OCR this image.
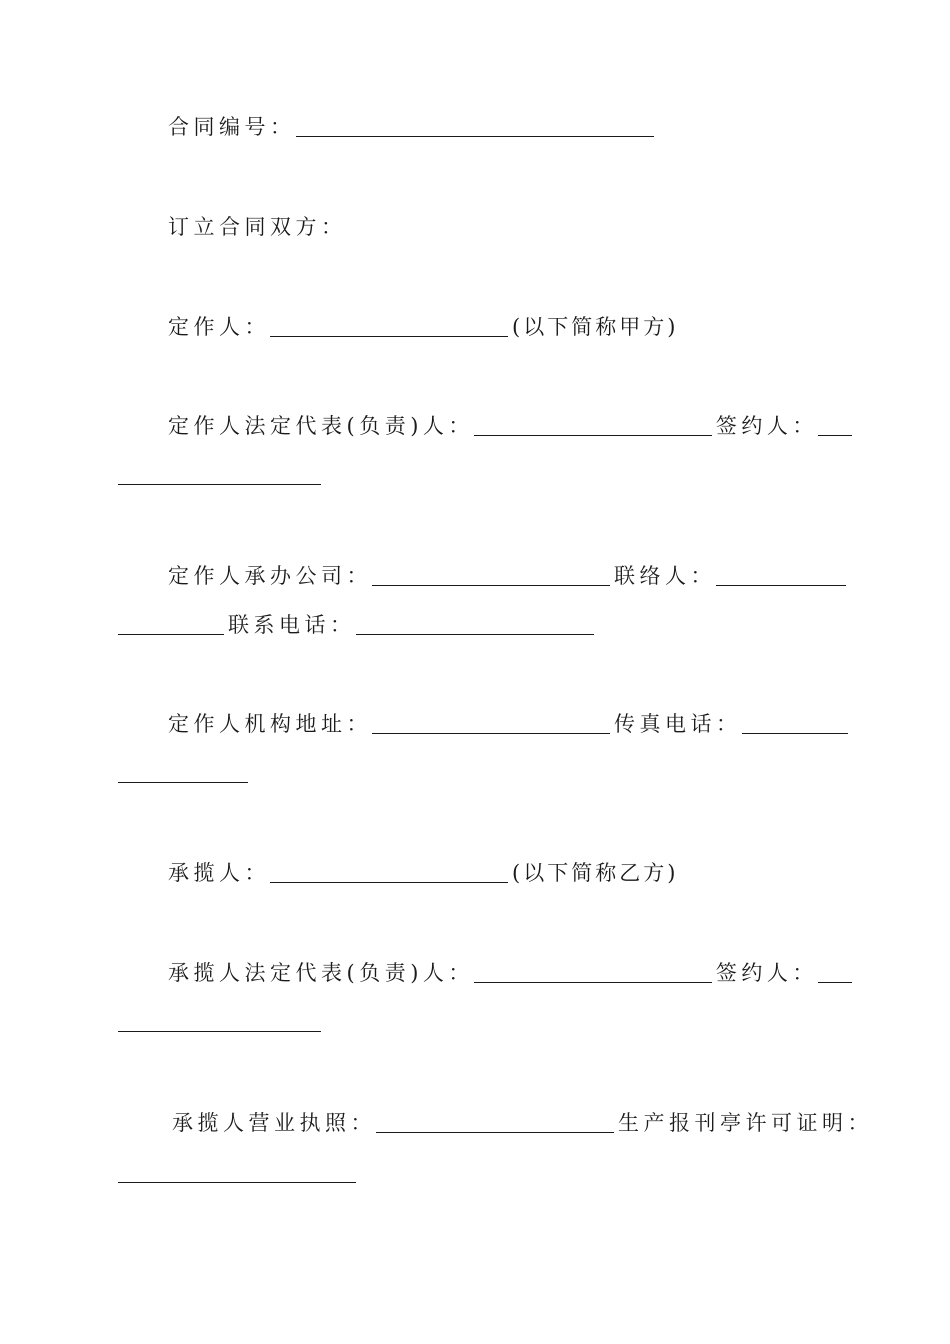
合同编号：
订立合同双方：
定作人：	(以下简称甲方)
定作人法定代表(负责)人：	签约人：
定作人承办公司：	联络人：
联系电话：
定作人机构地址：	传真电话：
承揽人：	(以下简称乙方)
承揽人法定代表(负责)人：	签约人：
承揽人营业执照：	生产报刊亭许可证明：
